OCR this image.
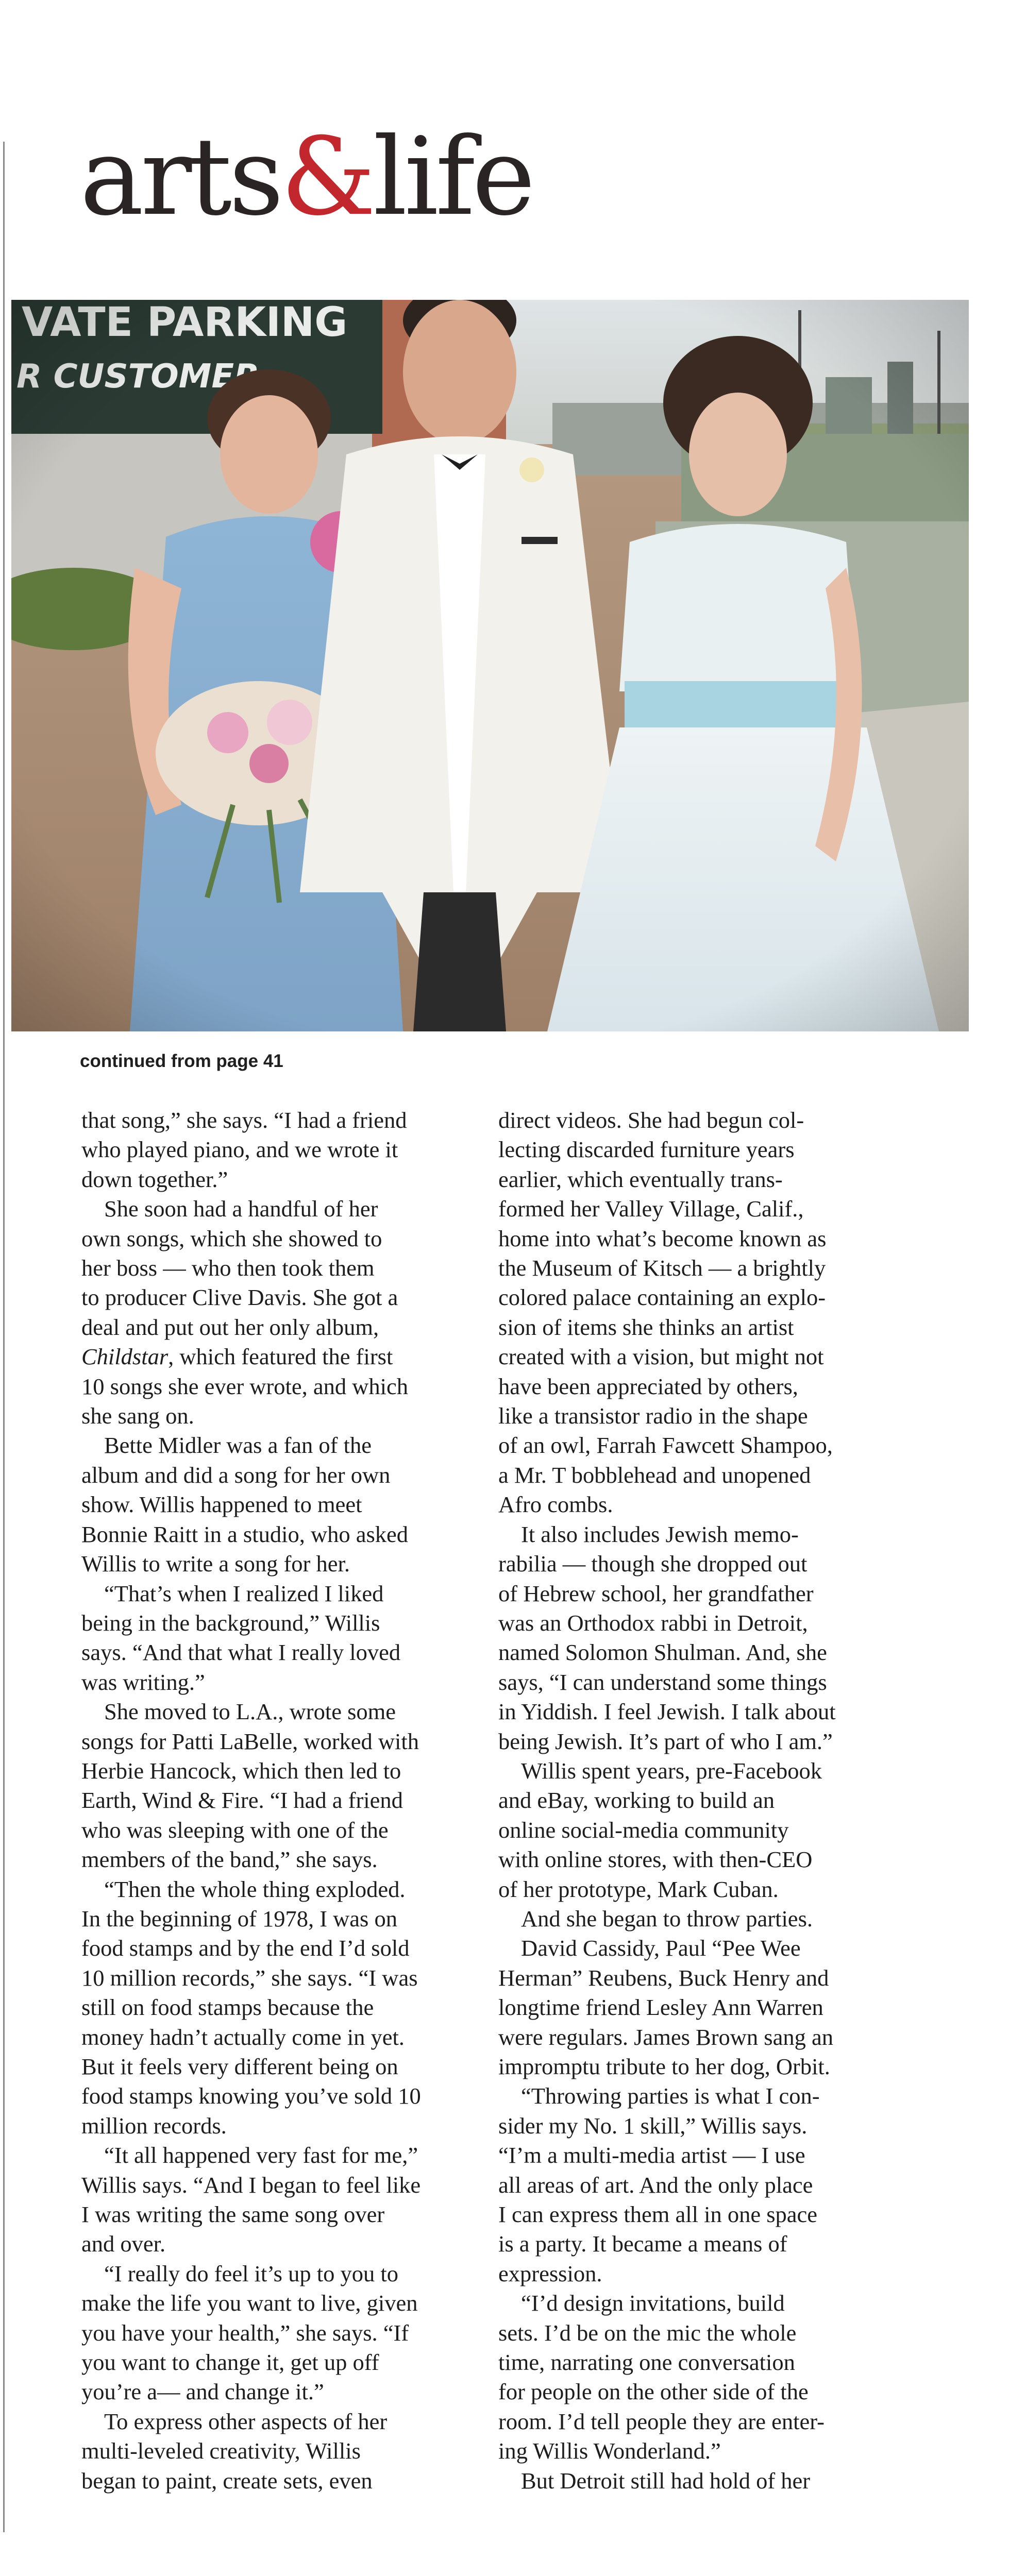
arts&life

continued from page 41

that song,” she says. “I had a friend
who played piano, and we wrote it
down together.”

She soon had a handful of her
own songs, which she showed to
her boss — who then took them
to producer Clive Davis. She got a
deal and put out her only album,
Childstar, which featured the first
10 songs she ever wrote, and which
she sang on.

Bette Midler was a fan of the
album and did a song for her own
show. Willis happened to meet
Bonnie Raitt in a studio, who asked
Willis to write a song for her.

“That’s when I realized I liked
being in the background,” Willis
says. “And that what I really loved
was writing.”

She moved to L.A., wrote some
songs for Patti LaBelle, worked with
Herbie Hancock, which then led to
Earth, Wind & Fire. “I had a friend
who was sleeping with one of the
members of the band,” she says.

“Then the whole thing exploded.
In the beginning of 1978, I was on
food stamps and by the end I’d sold
10 million records,” she says. “I was
still on food stamps because the
money hadn’t actually come in yet.
But it feels very different being on
food stamps knowing you’ve sold 10
million records.

“It all happened very fast for me,”
Willis says. “And I began to feel like
I was writing the same song over
and over.

“I really do feel it’s up to you to
make the life you want to live, given
you have your health,” she says. “If
you want to change it, get up off
you’re a— and change it.”

To express other aspects of her
multi-leveled creativity, Willis
began to paint, create sets, even

direct videos. She had begun col-
lecting discarded furniture years
earlier, which eventually trans-
formed her Valley Village, Calif.,
home into what’s become known as
the Museum of Kitsch — a brightly
colored palace containing an explo-
sion of items she thinks an artist
created with a vision, but might not
have been appreciated by others,
like a transistor radio in the shape
of an owl, Farrah Fawcett Shampoo,
a Mr. T bobblehead and unopened
Afro combs.

It also includes Jewish memo-
rabilia — though she dropped out
of Hebrew school, her grandfather
was an Orthodox rabbi in Detroit,
named Solomon Shulman. And, she
says, “I can understand some things
in Yiddish. I feel Jewish. I talk about
being Jewish. It’s part of who I am.”

Willis spent years, pre-Facebook
and eBay, working to build an
online social-media community
with online stores, with then-CEO
of her prototype, Mark Cuban.

And she began to throw parties.

David Cassidy, Paul “Pee Wee
Herman” Reubens, Buck Henry and
longtime friend Lesley Ann Warren
were regulars. James Brown sang an
impromptu tribute to her dog, Orbit.

“Throwing parties is what I con-
sider my No. 1 skill,” Willis says.
“I’m a multi-media artist — I use
all areas of art. And the only place
I can express them all in one space
is a party. It became a means of
expression.

“I’d design invitations, build
sets. I’d be on the mic the whole
time, narrating one conversation
for people on the other side of the
room. I’d tell people they are enter-
ing Willis Wonderland.”

But Detroit still had hold of her
